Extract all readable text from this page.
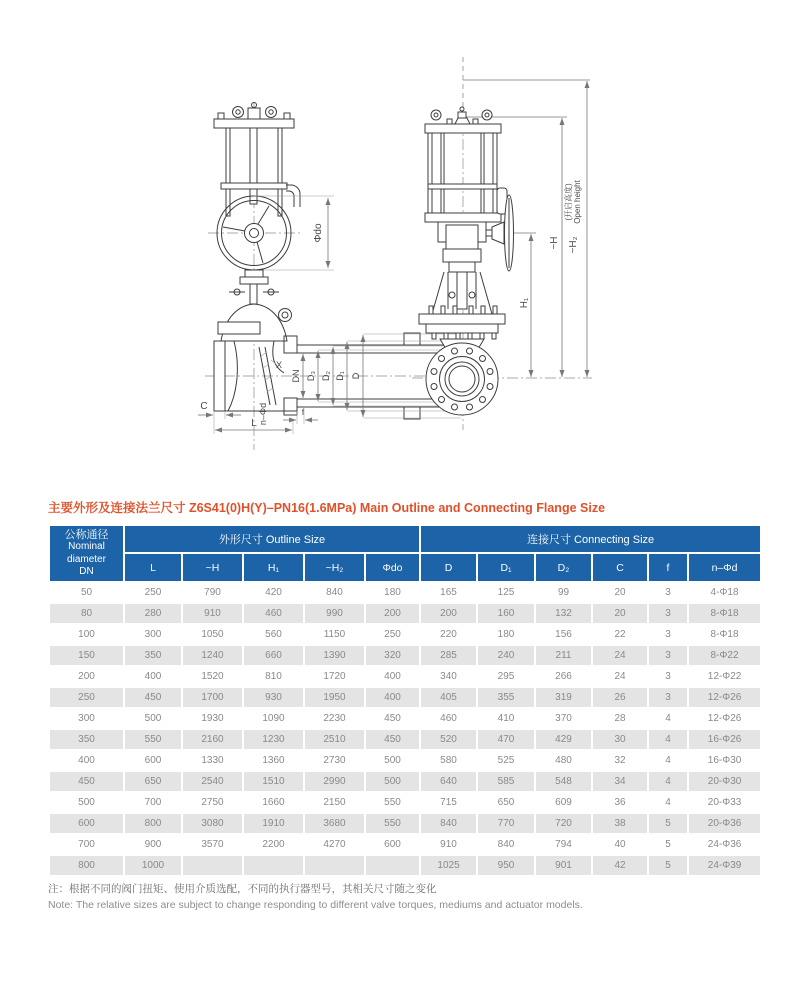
Φdo
X
DN D₃ D₂ D₁ D
C	f
n–Φd
L
H₁
~H
(开启高度) Open height
~H₂
主要外形及连接法兰尺寸 Z6S41(0)H(Y)–PN16(1.6MPa) Main Outline and Connecting Flange Size
公称通径
Nominal
diameter
DN	外形尺寸 Outline Size					连接尺寸 Connecting Size					
	L	~H	H₁	~H₂	Φdo	D	D₁	D₂	C	f	n–Φd
50	250	790	420	840	180	165	125	99	20	3	4-Φ18
80	280	910	460	990	200	200	160	132	20	3	8-Φ18
100	300	1050	560	1150	250	220	180	156	22	3	8-Φ18
150	350	1240	660	1390	320	285	240	211	24	3	8-Φ22
200	400	1520	810	1720	400	340	295	266	24	3	12-Φ22
250	450	1700	930	1950	400	405	355	319	26	3	12-Φ26
300	500	1930	1090	2230	450	460	410	370	28	4	12-Φ26
350	550	2160	1230	2510	450	520	470	429	30	4	16-Φ26
400	600	1330	1360	2730	500	580	525	480	32	4	16-Φ30
450	650	2540	1510	2990	500	640	585	548	34	4	20-Φ30
500	700	2750	1660	2150	550	715	650	609	36	4	20-Φ33
600	800	3080	1910	3680	550	840	770	720	38	5	20-Φ36
700	900	3570	2200	4270	600	910	840	794	40	5	24-Φ36
800	1000					1025	950	901	42	5	24-Φ39

注：根据不同的阀门扭矩、使用介质选配，不同的执行器型号，其相关尺寸随之变化

Note: The relative sizes are subject to change responding to different valve torques, mediums and actuator models.
